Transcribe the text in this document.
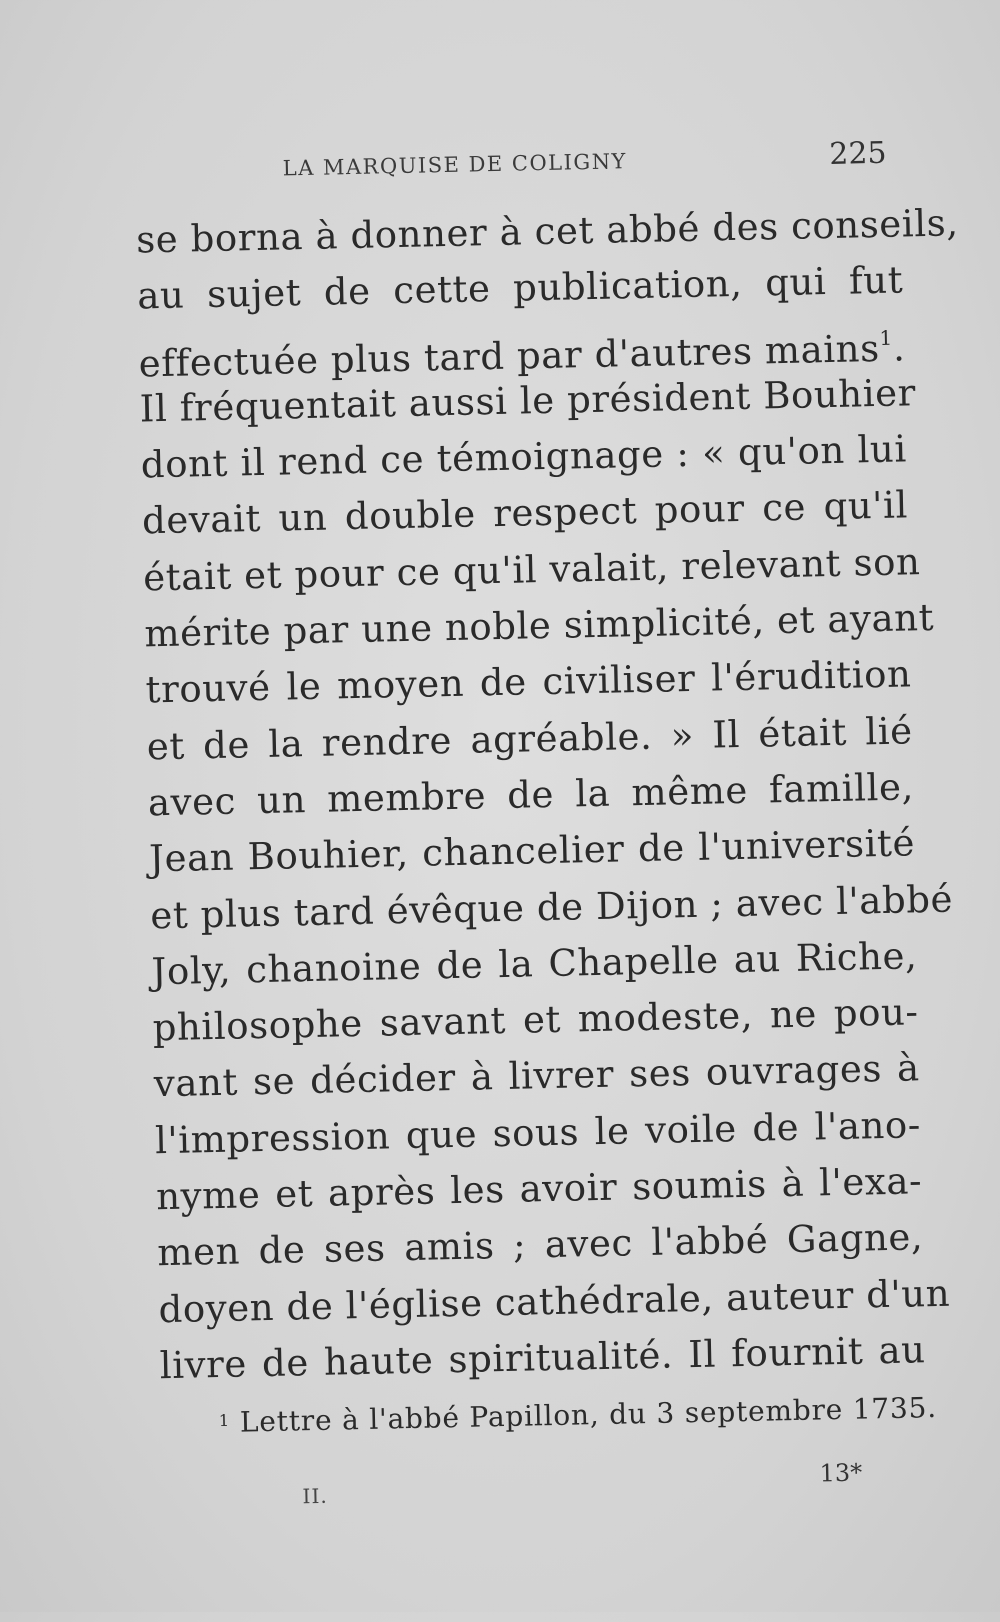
LA MARQUISE DE COLIGNY	225
se borna à donner à cet abbé des conseils,
au sujet de cette publication, qui fut
effectuée plus tard par d'autres mains$^1$.
Il fréquentait aussi le président Bouhier
dont il rend ce témoignage : « qu'on lui
devait un double respect pour ce qu'il
était et pour ce qu'il valait, relevant son
mérite par une noble simplicité, et ayant
trouvé le moyen de civiliser l'érudition
et de la rendre agréable. » Il était lié
avec un membre de la même famille,
Jean Bouhier, chancelier de l'université
et plus tard évêque de Dijon ; avec l'abbé
Joly, chanoine de la Chapelle au Riche,
philosophe savant et modeste, ne pou-
vant se décider à livrer ses ouvrages à
l'impression que sous le voile de l'ano-
nyme et après les avoir soumis à l'exa-
men de ses amis ; avec l'abbé Gagne,
doyen de l'église cathédrale, auteur d'un
livre de haute spiritualité. Il fournit au
$^1$ Lettre à l'abbé Papillon, du 3 septembre 1735.
II.
13*
